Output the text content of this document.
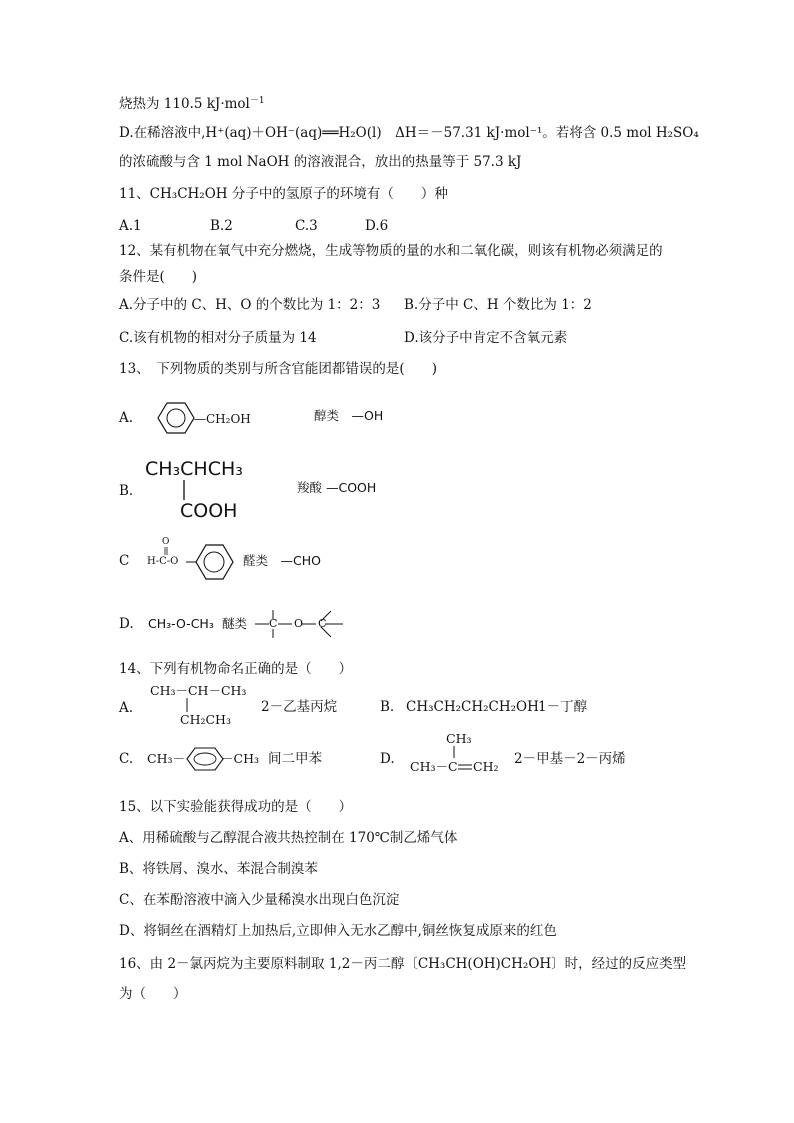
烧热为 110.5 kJ·mol$^{-1}$
D.在稀溶液中,H⁺(aq)＋OH⁻(aq)══H₂O(l)　ΔH＝－57.31 kJ·mol⁻¹。若将含 0.5 mol H₂SO₄
的浓硫酸与含 1 mol NaOH 的溶液混合，放出的热量等于 57.3 kJ
11、CH₃CH₂OH 分子中的氢原子的环境有（　　）种
A.1	B.2	C.3	D.6
12、某有机物在氧气中充分燃烧，生成等物质的量的水和二氧化碳，则该有机物必须满足的
条件是(　　)
A.分子中的 C、H、O 的个数比为 1：2：3 B.分子中 C、H 个数比为 1：2
C.该有机物的相对分子质量为 14	D.该分子中肯定不含氧元素
13、　下列物质的类别与所含官能团都错误的是(　　)
A.	—CH₂OH	醇类　—OH
B.
CH₃CHCH₃
COOH
羧酸 —COOH
C
O
H-C-O	醛类　—CHO
D. CH₃-O-CH₃ 醚类 C O C
14、下列有机物命名正确的是（　　）
A.
CH₃－CH－CH₃
CH₂CH₃
2－乙基丙烷	B. CH₃CH₂CH₂CH₂OH 1－丁醇
C. CH₃－	－CH₃ 间二甲苯	D.
CH₃
CH₃－C CH₂ 2－甲基－2－丙烯
15、以下实验能获得成功的是（　　）
A、用稀硫酸与乙醇混合液共热控制在 170℃制乙烯气体
B、将铁屑、溴水、苯混合制溴苯
C、在苯酚溶液中滴入少量稀溴水出现白色沉淀
D、将铜丝在酒精灯上加热后,立即伸入无水乙醇中,铜丝恢复成原来的红色
16、由 2－氯丙烷为主要原料制取 1,2－丙二醇〔CH₃CH(OH)CH₂OH〕时，经过的反应类型
为（　　）
